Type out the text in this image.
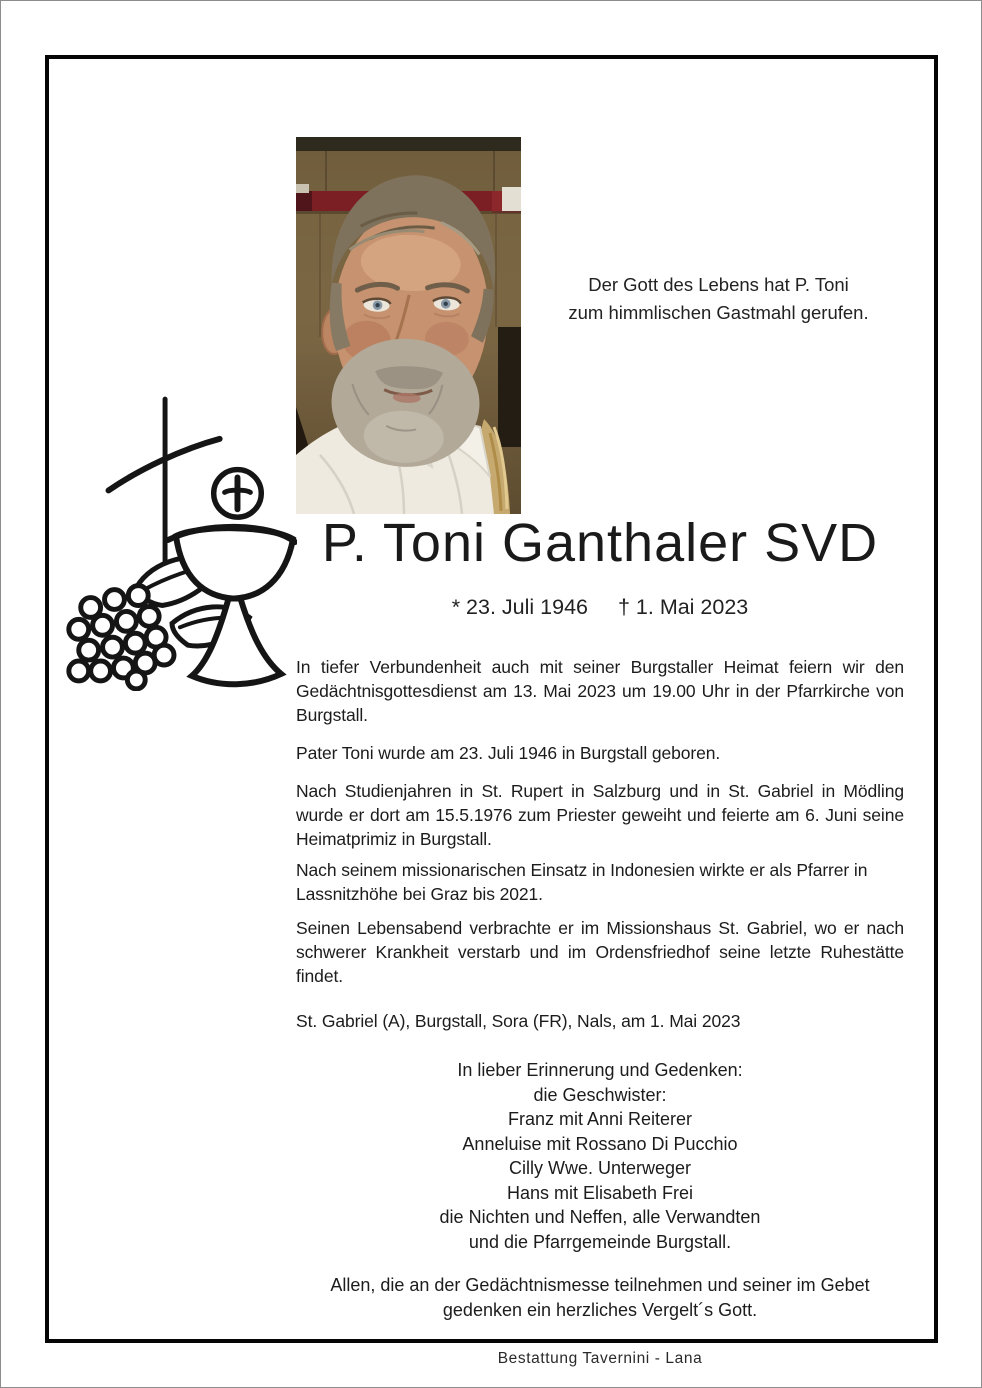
Der Gott des Lebens hat P. Toni
zum himmlischen Gastmahl gerufen.
P. Toni Ganthaler SVD
* 23. Juli 1946 † 1. Mai 2023

In tiefer Verbundenheit auch mit seiner Burgstaller Heimat feiern wir den Gedächtnisgottesdienst am 13. Mai 2023 um 19.00 Uhr in der Pfarrkirche von Burgstall.

Pater Toni wurde am 23. Juli 1946 in Burgstall geboren.

Nach Studienjahren in St. Rupert in Salzburg und in St. Gabriel in Mödling wurde er dort am 15.5.1976 zum Priester geweiht und feierte am 6. Juni seine Heimatprimiz in Burgstall.

Nach seinem missionarischen Einsatz in Indonesien wirkte er als Pfarrer in Lassnitzhöhe bei Graz bis 2021.

Seinen Lebensabend verbrachte er im Missionshaus St. Gabriel, wo er nach schwerer Krankheit verstarb und im Ordensfriedhof seine letzte Ruhestätte findet.

St. Gabriel (A), Burgstall, Sora (FR), Nals, am 1. Mai 2023

In lieber Erinnerung und Gedenken:
die Geschwister:
Franz mit Anni Reiterer
Anneluise mit Rossano Di Pucchio
Cilly Wwe. Unterweger
Hans mit Elisabeth Frei
die Nichten und Neffen, alle Verwandten
und die Pfarrgemeinde Burgstall.
Allen, die an der Gedächtnismesse teilnehmen und seiner im Gebet
gedenken ein herzliches Vergelt´s Gott.
Bestattung Tavernini - Lana
